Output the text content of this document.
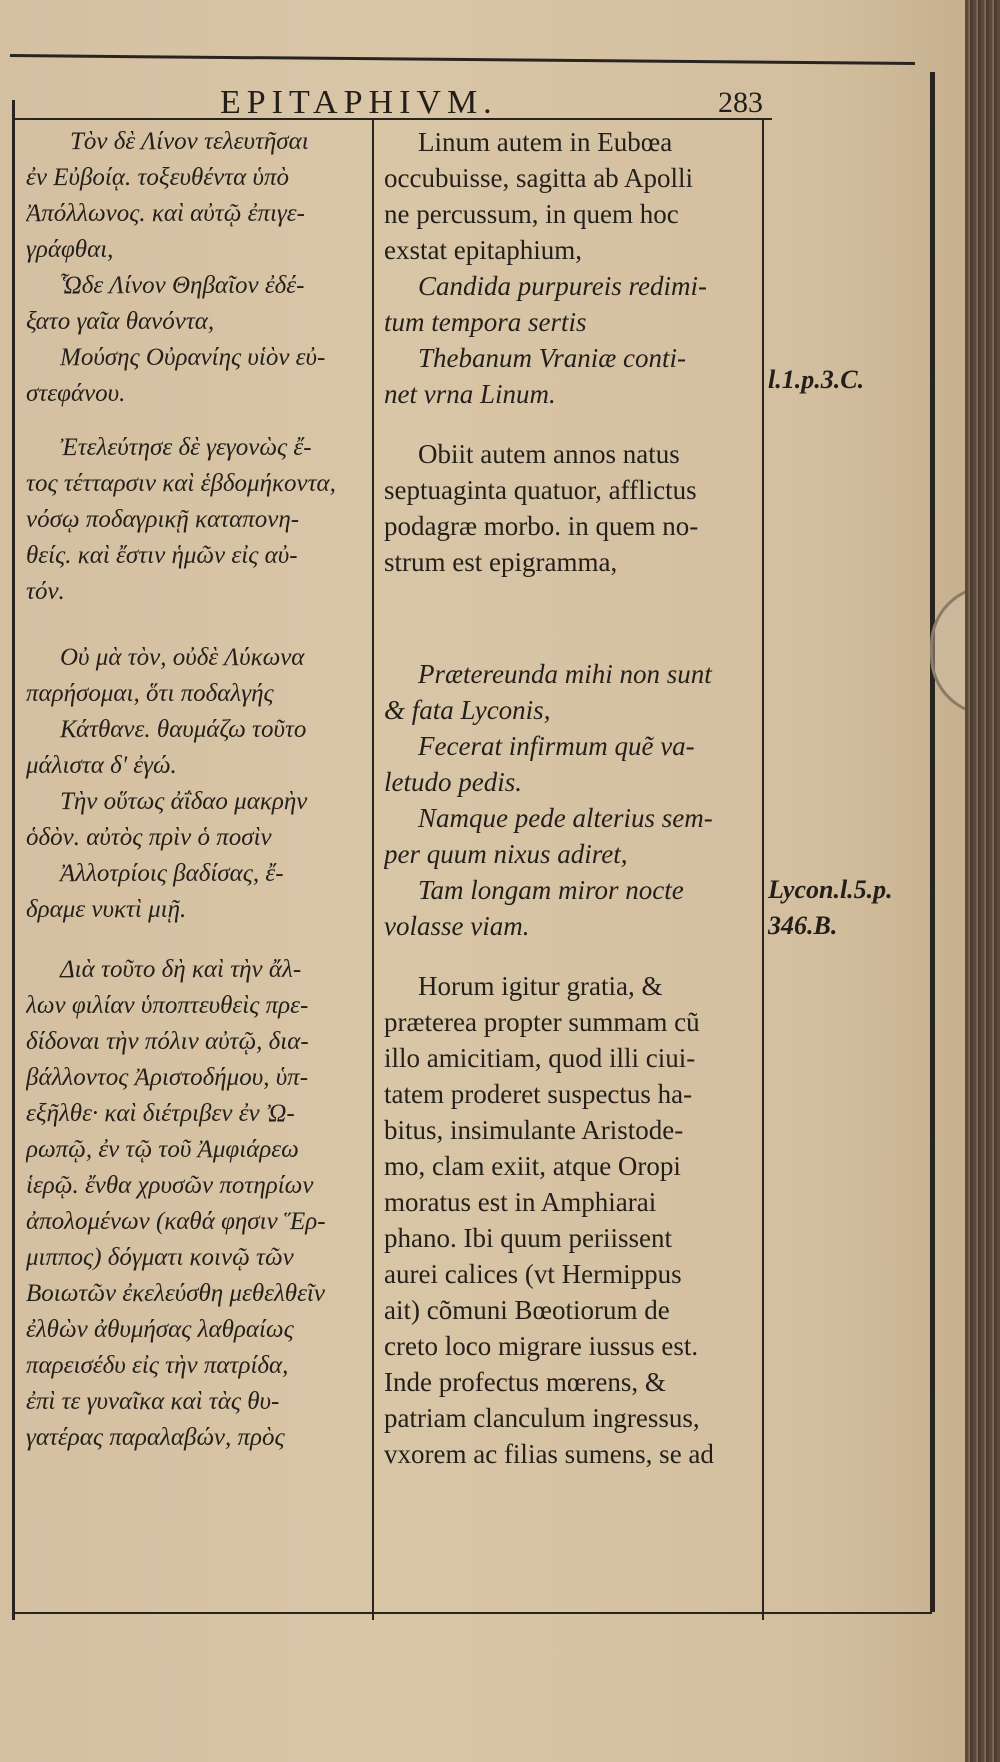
EPITAPHIVM.	283
Τὸν δὲ Λίνον τελευτῆσαι
ἐν Εὐβοίᾳ. τοξευθέντα ὑπὸ
Ἀπόλλωνος. καὶ αὐτῷ ἐπιγε-
γράφθαι,
Ὧδε Λίνον Θηβαῖον ἐδέ-
ξατο γαῖα θανόντα,
Μούσης Οὐρανίης υἱὸν εὐ-
στεφάνου.
Ἐτελεύτησε δὲ γεγονὼς ἔ-
τος τέτταρσιν καὶ ἑβδομήκοντα,
νόσῳ ποδαγρικῇ καταπονη-
θείς. καὶ ἔστιν ἡμῶν εἰς αὐ-
τόν.
Οὐ μὰ τὸν, οὐδὲ Λύκωνα
παρήσομαι, ὅτι ποδαλγής
Κάτθανε. θαυμάζω τοῦτο
μάλιστα δ' ἐγώ.
Τὴν οὕτως ἀΐδαο μακρὴν
ὁδὸν. αὐτὸς πρὶν ὁ ποσὶν
Ἀλλοτρίοις βαδίσας, ἔ-
δραμε νυκτὶ μιῇ.
Διὰ τοῦτο δὴ καὶ τὴν ἄλ-
λων φιλίαν ὑποπτευθεὶς πρε-
δίδοναι τὴν πόλιν αὐτῷ, δια-
βάλλοντος Ἀριστοδήμου, ὑπ-
εξῆλθε· καὶ διέτριβεν ἐν Ὠ-
ρωπῷ, ἐν τῷ τοῦ Ἀμφιάρεω
ἱερῷ. ἔνθα χρυσῶν ποτηρίων
ἀπολομένων (καθά φησιν Ἕρ-
μιππος) δόγματι κοινῷ τῶν
Βοιωτῶν ἐκελεύσθη μεθελθεῖν
ἐλθὼν ἀθυμήσας λαθραίως
παρεισέδυ εἰς τὴν πατρίδα,
ἐπὶ τε γυναῖκα καὶ τὰς θυ-
γατέρας παραλαβών, πρὸς
Linum autem in Eubœa
occubuisse, sagitta ab Apolli
ne percussum, in quem hoc
exstat epitaphium,
Candida purpureis redimi-
tum tempora sertis
Thebanum Vraniæ conti-
net vrna Linum.
Obiit autem annos natus
septuaginta quatuor, afflictus
podagræ morbo. in quem no-
strum est epigramma,
Prætereunda mihi non sunt
& fata Lyconis,
Fecerat infirmum quẽ va-
letudo pedis.
Namque pede alterius sem-
per quum nixus adiret,
Tam longam miror nocte
volasse viam.
Horum igitur gratia, &
præterea propter summam cũ
illo amicitiam, quod illi ciui-
tatem proderet suspectus ha-
bitus, insimulante Aristode-
mo, clam exiit, atque Oropi
moratus est in Amphiarai
phano. Ibi quum periissent
aurei calices (vt Hermippus
ait) cõmuni Bœotiorum de
creto loco migrare iussus est.
Inde profectus mœrens, &
patriam clanculum ingressus,
vxorem ac filias sumens, se ad
l.1.p.3.C.
Lycon.l.5.p.
346.B.
